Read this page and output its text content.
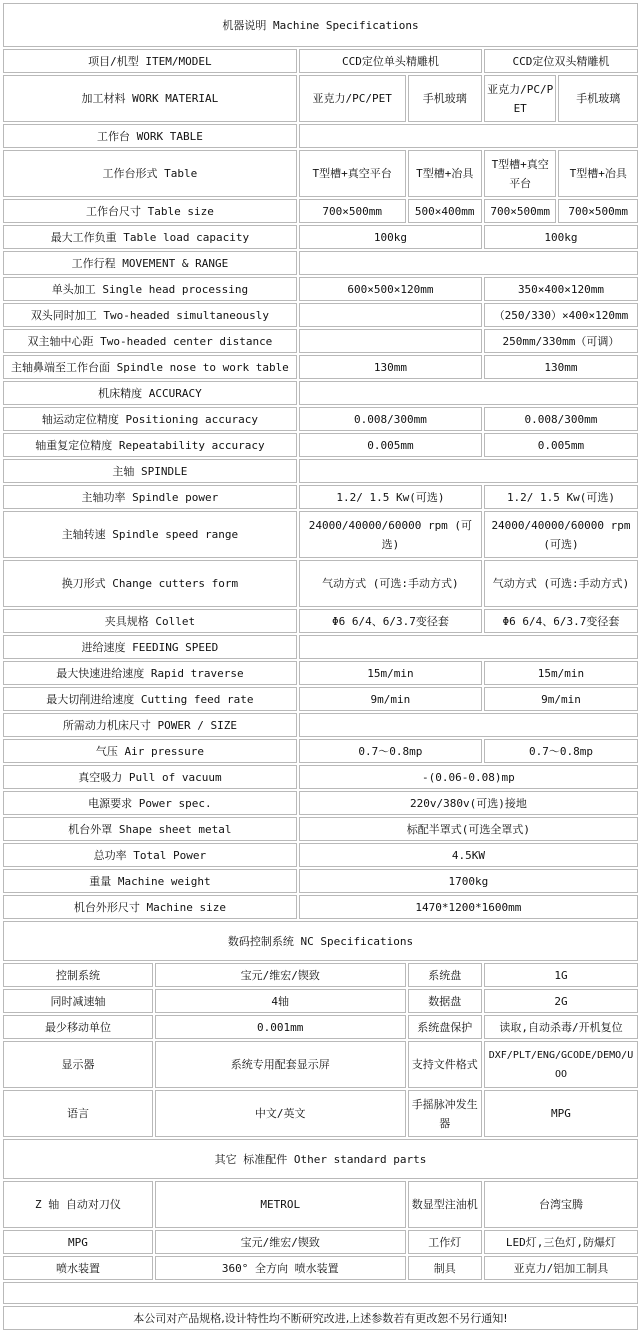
机器说明 Machine Specifications					
项目/机型 ITEM/MODEL		CCD定位单头精雕机		CCD定位双头精雕机	
加工材料 WORK MATERIAL		亚克力/PC/PET	手机玻璃	亚克力/PC/PET	手机玻璃
工作台 WORK TABLE					
工作台形式 Table		T型槽+真空平台	T型槽+冶具	T型槽+真空平台	T型槽+冶具
工作台尺寸 Table size		700×500mm	500×400mm	700×500mm	700×500mm
最大工作负重 Table load capacity		100kg		100kg	
工作行程 MOVEMENT & RANGE					
单头加工 Single head processing		600×500×120mm		350×400×120mm	
双头同时加工 Two-headed simultaneously				（250/330）×400×120mm	
双主轴中心距 Two-headed center distance				250mm/330mm（可调）	
主轴鼻端至工作台面 Spindle nose to work table		130mm		130mm	
机床精度 ACCURACY					
轴运动定位精度 Positioning accuracy		0.008/300mm		0.008/300mm	
轴重复定位精度 Repeatability accuracy		0.005mm		0.005mm	
主轴 SPINDLE					
主轴功率 Spindle power		1.2/ 1.5 Kw(可选)		1.2/ 1.5 Kw(可选)	
主轴转速 Spindle speed range		24000/40000/60000 rpm (可选)		24000/40000/60000 rpm (可选)	
换刀形式 Change cutters form		气动方式 (可选:手动方式)		气动方式 (可选:手动方式)	
夹具规格 Collet		Φ6 6/4、6/3.7变径套		Φ6 6/4、6/3.7变径套	
进给速度 FEEDING SPEED					
最大快速进给速度 Rapid traverse		15m/min		15m/min	
最大切削进给速度 Cutting feed rate		9m/min		9m/min	
所需动力机床尺寸 POWER / SIZE					
气压 Air pressure		0.7～0.8mp		0.7～0.8mp	
真空吸力 Pull of vacuum		-(0.06-0.08)mp			
电源要求 Power spec.		220v/380v(可选)接地			
机台外罩 Shape sheet metal		标配半罩式(可选全罩式)			
总功率 Total Power		4.5KW			
重量 Machine weight		1700kg			
机台外形尺寸 Machine size		1470*1200*1600mm			
数码控制系统 NC Specifications					
控制系统	宝元/维宏/锲致		系统盘	1G	
同时减速轴	4轴		数据盘	2G	
最少移动单位	0.001mm		系统盘保护	读取,自动杀毒/开机复位	
显示器	系统专用配套显示屏		支持文件格式	DXF/PLT/ENG/GCODE/DEMO/UOO	
语言	中文/英文		手摇脉冲发生器	MPG	
其它 标准配件 Other standard parts					
Z 轴 自动对刀仪	METROL		数显型注油机	台湾宝腾	
MPG	宝元/维宏/锲致		工作灯	LED灯,三色灯,防爆灯	
喷水装置	360° 全方向 喷水装置		制具	亚克力/铝加工制具	

本公司对产品规格,设计特性均不断研究改进,上述参数若有更改恕不另行通知!					
